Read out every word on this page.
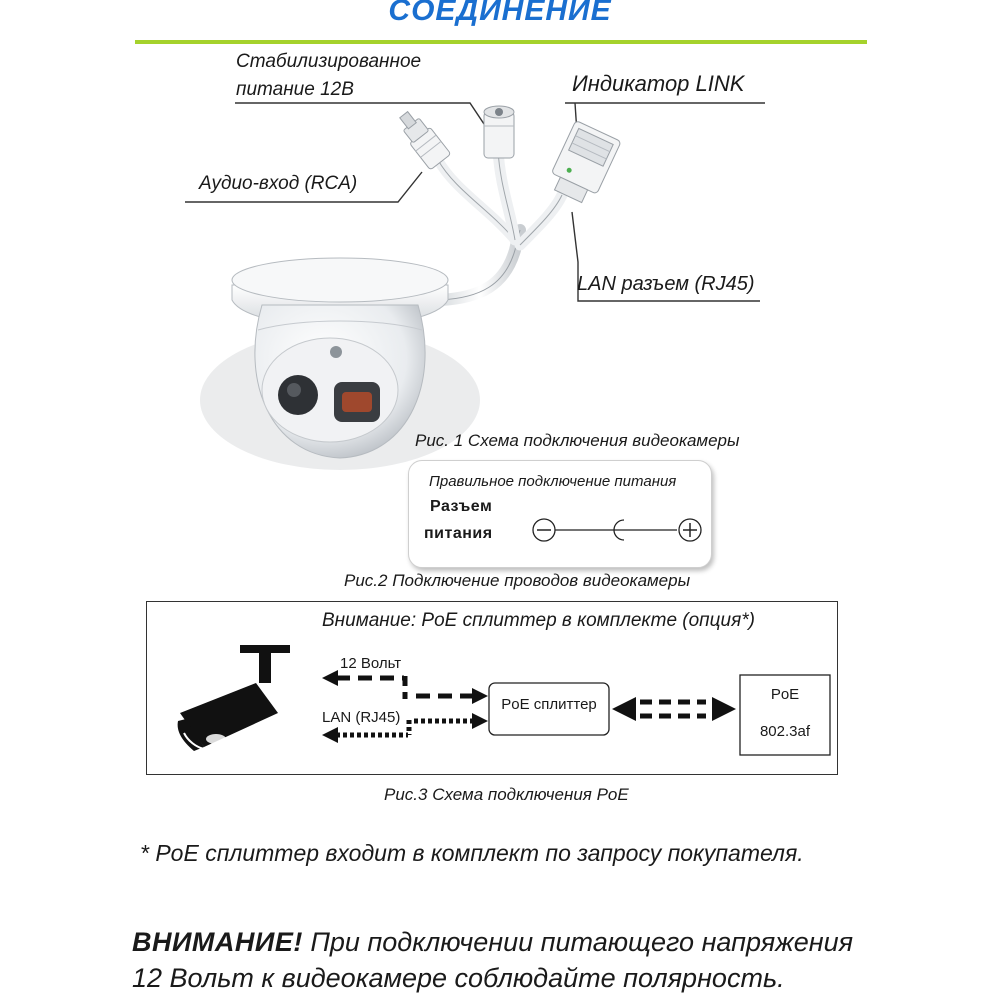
СОЕДИНЕНИЕ
Стабилизированное
питание 12В
Аудио-вход (RCA)
Индикатор LINK
LAN разъем (RJ45)
Рис. 1 Схема подключения видеокамеры
Правильное подключение питания
Разъем
питания
Рис.2 Подключение проводов видеокамеры
Внимание: PoE сплиттер в комплекте (опция*)
12 Вольт
LAN (RJ45)
PoE сплиттер
PoE
802.3af
Рис.3 Схема подключения PoE
* PoE сплиттер входит в комплект по запросу покупателя.
ВНИМАНИЕ! При подключении питающего напряжения 12 Вольт к видеокамере соблюдайте полярность.
